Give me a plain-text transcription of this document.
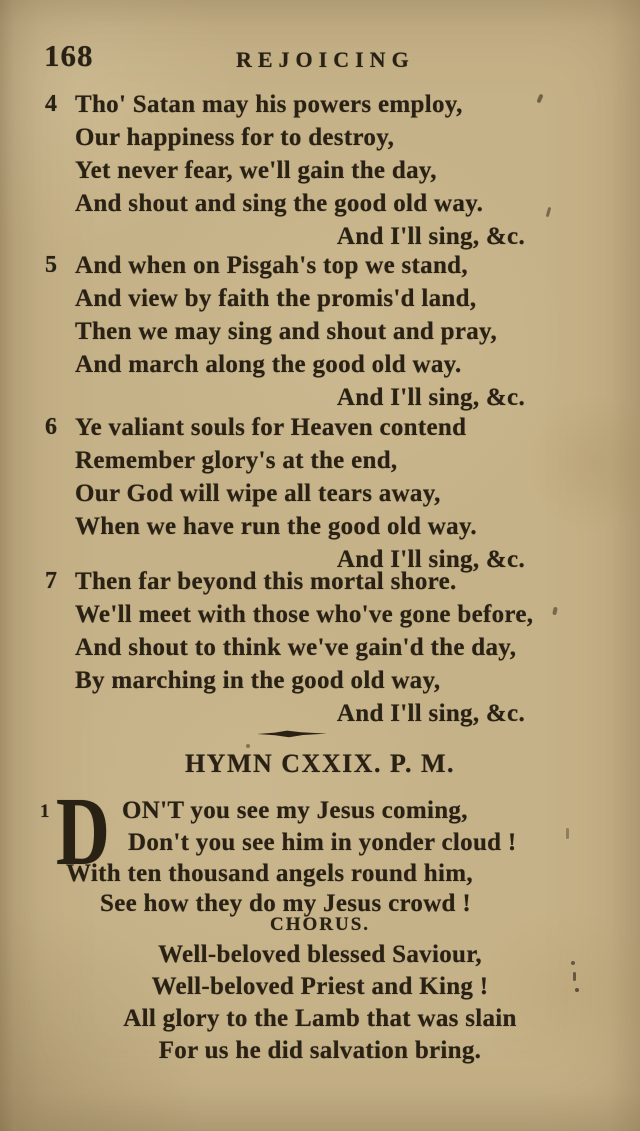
168	REJOICING
4 Tho' Satan may his powers employ,
Our happiness for to destroy,
Yet never fear, we'll gain the day,
And shout and sing the good old way.
And I'll sing, &c.
5 And when on Pisgah's top we stand,
And view by faith the promis'd land,
Then we may sing and shout and pray,
And march along the good old way.
And I'll sing, &c.
6 Ye valiant souls for Heaven contend
Remember glory's at the end,
Our God will wipe all tears away,
When we have run the good old way.
And I'll sing, &c.
7 Then far beyond this mortal shore.
We'll meet with those who've gone before,
And shout to think we've gain'd the day,
By marching in the good old way,
And I'll sing, &c.
HYMN CXXIX. P. M.
1 D ON'T you see my Jesus coming,
Don't you see him in yonder cloud !
With ten thousand angels round him,
See how they do my Jesus crowd !
CHORUS.
Well-beloved blessed Saviour,
Well-beloved Priest and King !
All glory to the Lamb that was slain
For us he did salvation bring.
